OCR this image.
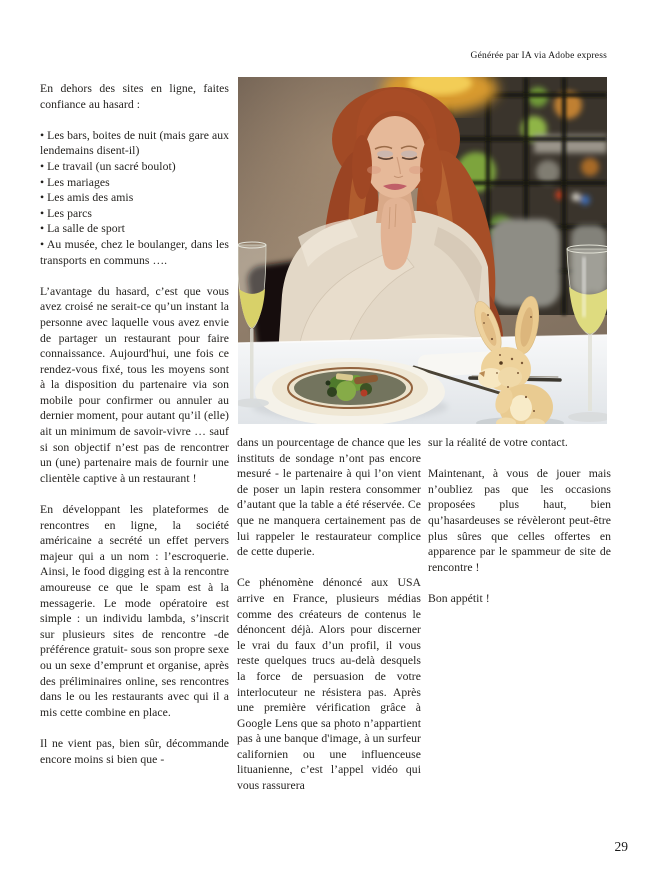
Générée par IA via Adobe express

En dehors des sites en ligne, faites confiance au hasard :

• Les bars, boites de nuit (mais gare aux lendemains disent-il)
• Le travail (un sacré boulot)
• Les mariages
• Les amis des amis
• Les parcs
• La salle de sport
• Au musée, chez le boulanger, dans les transports en communs ….

L’avantage du hasard, c’est que vous avez croisé ne serait-ce qu’un instant la personne avec laquelle vous avez envie de partager un restaurant pour faire connaissance. Aujourd'hui, une fois ce rendez-vous fixé, tous les moyens sont à la disposition du partenaire via son mobile pour confirmer ou annuler au dernier moment, pour autant qu’il (elle) ait un minimum de savoir-vivre … sauf si son objectif n’est pas de rencontrer un (une) partenaire mais de fournir une clientèle captive à un restaurant !

En développant les plateformes de rencontres en ligne, la société américaine a secrété un effet pervers majeur qui a un nom : l’escroquerie. Ainsi, le food digging est à la rencontre amoureuse ce que le spam est à la messagerie. Le mode opératoire est simple : un individu lambda, s’inscrit sur plusieurs sites de rencontre -de préférence gratuit- sous son propre sexe ou un sexe d’emprunt et organise, après des préliminaires online, ses rencontres dans le ou les restaurants avec qui il a mis cette combine en place.

Il ne vient pas, bien sûr, décommande encore moins si bien que -

dans un pourcentage de chance que les instituts de sondage n’ont pas encore mesuré - le partenaire à qui l’on vient de poser un lapin restera consommer d’autant que la table a été réservée. Ce que ne manquera certainement pas de lui rappeler le restaurateur complice de cette duperie.

Ce phénomène dénoncé aux USA arrive en France, plusieurs médias comme des créateurs de contenus le dénoncent déjà. Alors pour discerner le vrai du faux d’un profil, il vous reste quelques trucs au-delà desquels la force de persuasion de votre interlocuteur ne résistera pas. Après une première vérification grâce à Google Lens que sa photo n’appartient pas à une banque d'image, à un surfeur californien ou une influenceuse lituanienne, c’est l’appel vidéo qui vous rassurera

sur la réalité de votre contact.

Maintenant, à vous de jouer mais n’oubliez pas que les occasions proposées plus haut, bien qu’hasardeuses se révèleront peut-être plus sûres que celles offertes en apparence par le spammeur de site de rencontre !

Bon appétit !

29
